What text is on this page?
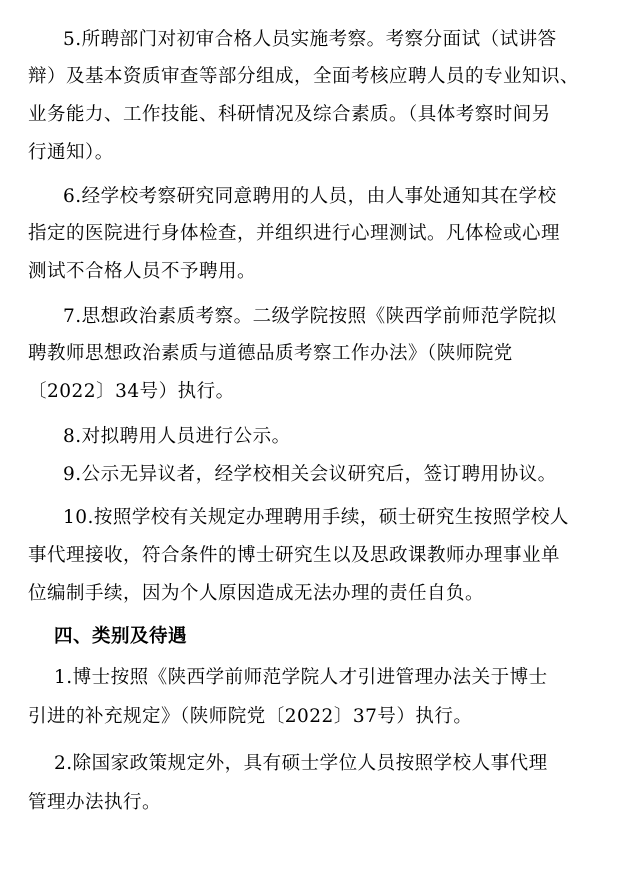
5.所聘部门对初审合格人员实施考察。考察分面试（试讲答
辩）及基本资质审查等部分组成，全面考核应聘人员的专业知识、
业务能力、工作技能、科研情况及综合素质。（具体考察时间另
行通知）。
6.经学校考察研究同意聘用的人员，由人事处通知其在学校
指定的医院进行身体检查，并组织进行心理测试。凡体检或心理
测试不合格人员不予聘用。
7.思想政治素质考察。二级学院按照《陕西学前师范学院拟
聘教师思想政治素质与道德品质考察工作办法》（陕师院党
〔2022〕34号）执行。
8.对拟聘用人员进行公示。
9.公示无异议者，经学校相关会议研究后，签订聘用协议。
10.按照学校有关规定办理聘用手续，硕士研究生按照学校人
事代理接收，符合条件的博士研究生以及思政课教师办理事业单
位编制手续，因为个人原因造成无法办理的责任自负。
四、类别及待遇
1.博士按照《陕西学前师范学院人才引进管理办法关于博士
引进的补充规定》（陕师院党〔2022〕37号）执行。
2.除国家政策规定外，具有硕士学位人员按照学校人事代理
管理办法执行。
